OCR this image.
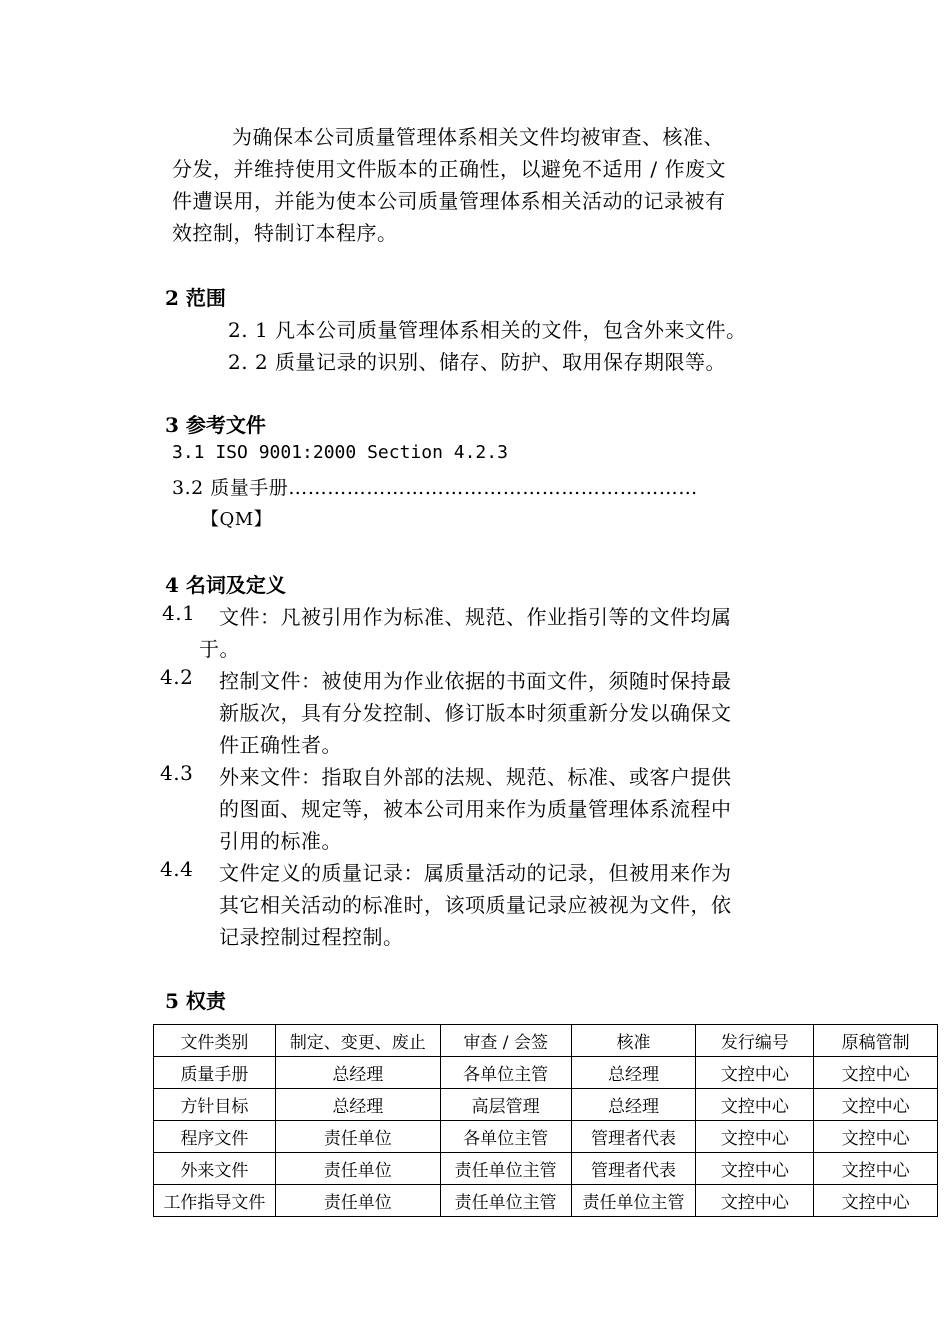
为确保本公司质量管理体系相关文件均被审查、核准、
分发，并维持使用文件版本的正确性，以避免不适用 / 作废文
件遭误用，并能为使本公司质量管理体系相关活动的记录被有
效控制，特制订本程序。
2 范围
2. 1 凡本公司质量管理体系相关的文件，包含外来文件。
2. 2 质量记录的识别、储存、防护、取用保存期限等。
3 参考文件
3.1 ISO 9001:2000 Section 4.2.3
3.2 质量手册………………………………………………………
【QM】
4 名词及定义
4.1 文件：凡被引用作为标准、规范、作业指引等的文件均属
于。
4.2 控制文件：被使用为作业依据的书面文件，须随时保持最
新版次，具有分发控制、修订版本时须重新分发以确保文
件正确性者。
4.3 外来文件：指取自外部的法规、规范、标准、或客户提供
的图面、规定等，被本公司用来作为质量管理体系流程中
引用的标准。
4.4 文件定义的质量记录：属质量活动的记录，但被用来作为
其它相关活动的标准时，该项质量记录应被视为文件，依
记录控制过程控制。
5 权责
文件类别	制定、变更、废止	审查 / 会签	核准	发行编号	原稿管制
质量手册	总经理	各单位主管	总经理	文控中心	文控中心
方针目标	总经理	高层管理	总经理	文控中心	文控中心
程序文件	责任单位	各单位主管	管理者代表	文控中心	文控中心
外来文件	责任单位	责任单位主管	管理者代表	文控中心	文控中心
工作指导文件	责任单位	责任单位主管	责任单位主管	文控中心	文控中心
